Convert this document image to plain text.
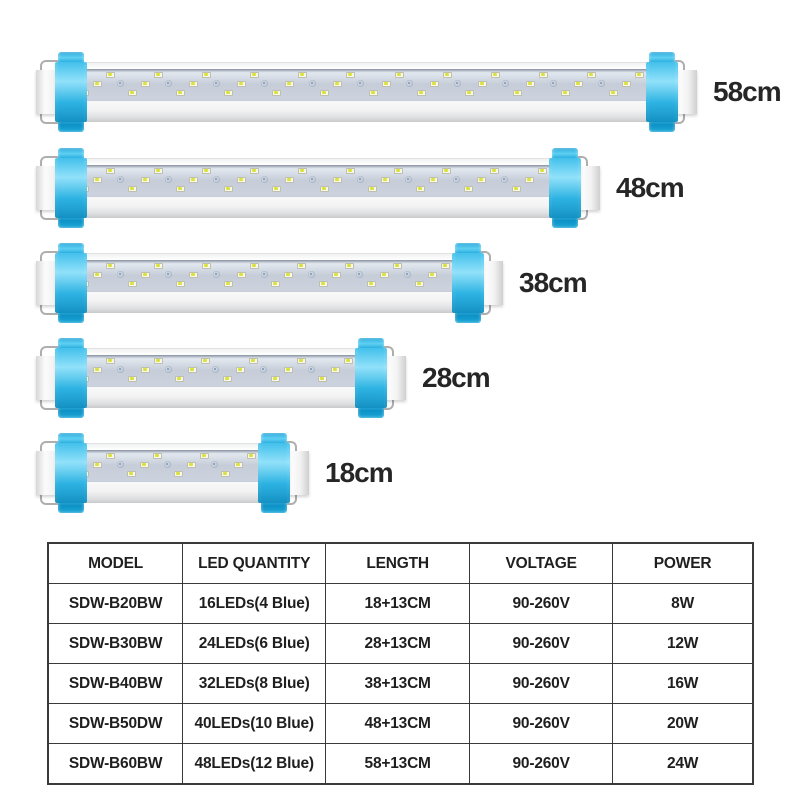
58cm
48cm
38cm
28cm
18cm
MODEL	LED QUANTITY	LENGTH	VOLTAGE	POWER
SDW-B20BW	16LEDs(4 Blue)	18+13CM	90-260V	8W
SDW-B30BW	24LEDs(6 Blue)	28+13CM	90-260V	12W
SDW-B40BW	32LEDs(8 Blue)	38+13CM	90-260V	16W
SDW-B50DW	40LEDs(10 Blue)	48+13CM	90-260V	20W
SDW-B60BW	48LEDs(12 Blue)	58+13CM	90-260V	24W
